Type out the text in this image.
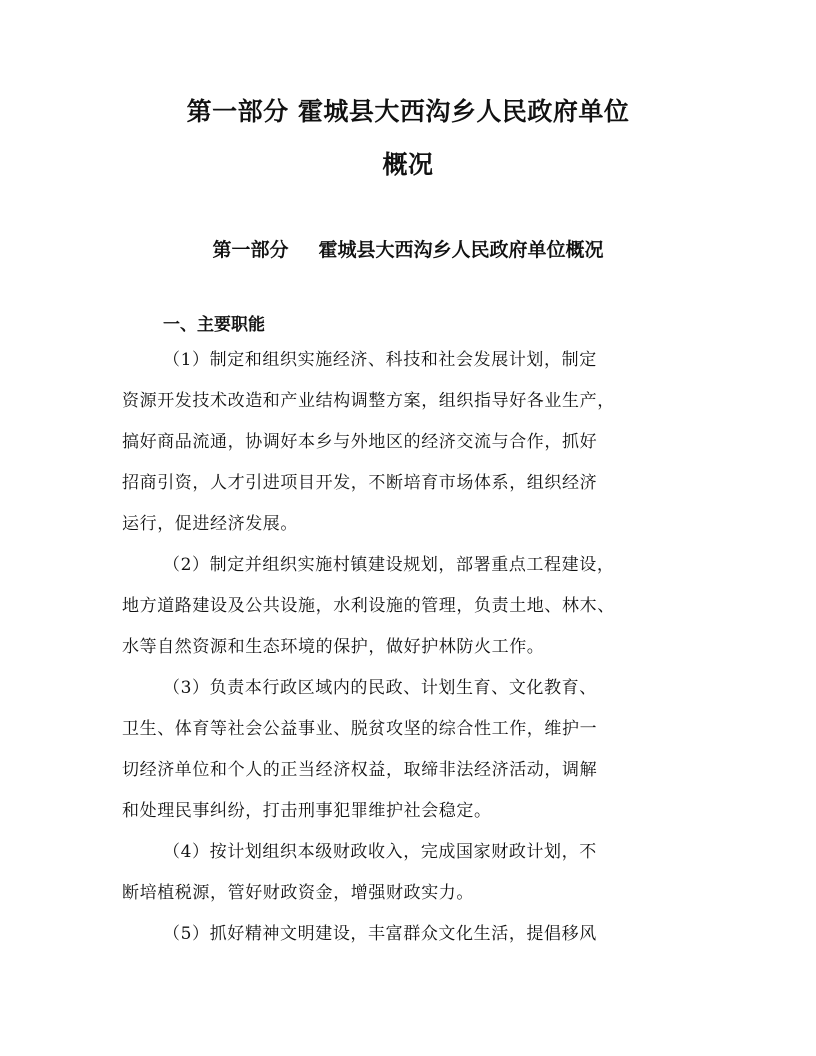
第一部分 霍城县大西沟乡人民政府单位
概况
第一部分 霍城县大西沟乡人民政府单位概况
一、主要职能
（1）制定和组织实施经济、科技和社会发展计划，制定
资源开发技术改造和产业结构调整方案，组织指导好各业生产，
搞好商品流通，协调好本乡与外地区的经济交流与合作，抓好
招商引资，人才引进项目开发，不断培育市场体系，组织经济
运行，促进经济发展。
（2）制定并组织实施村镇建设规划，部署重点工程建设，
地方道路建设及公共设施，水利设施的管理，负责土地、林木、
水等自然资源和生态环境的保护，做好护林防火工作。
（3）负责本行政区域内的民政、计划生育、文化教育、
卫生、体育等社会公益事业、脱贫攻坚的综合性工作，维护一
切经济单位和个人的正当经济权益，取缔非法经济活动，调解
和处理民事纠纷，打击刑事犯罪维护社会稳定。
（4）按计划组织本级财政收入，完成国家财政计划，不
断培植税源，管好财政资金，增强财政实力。
（5）抓好精神文明建设，丰富群众文化生活，提倡移风
